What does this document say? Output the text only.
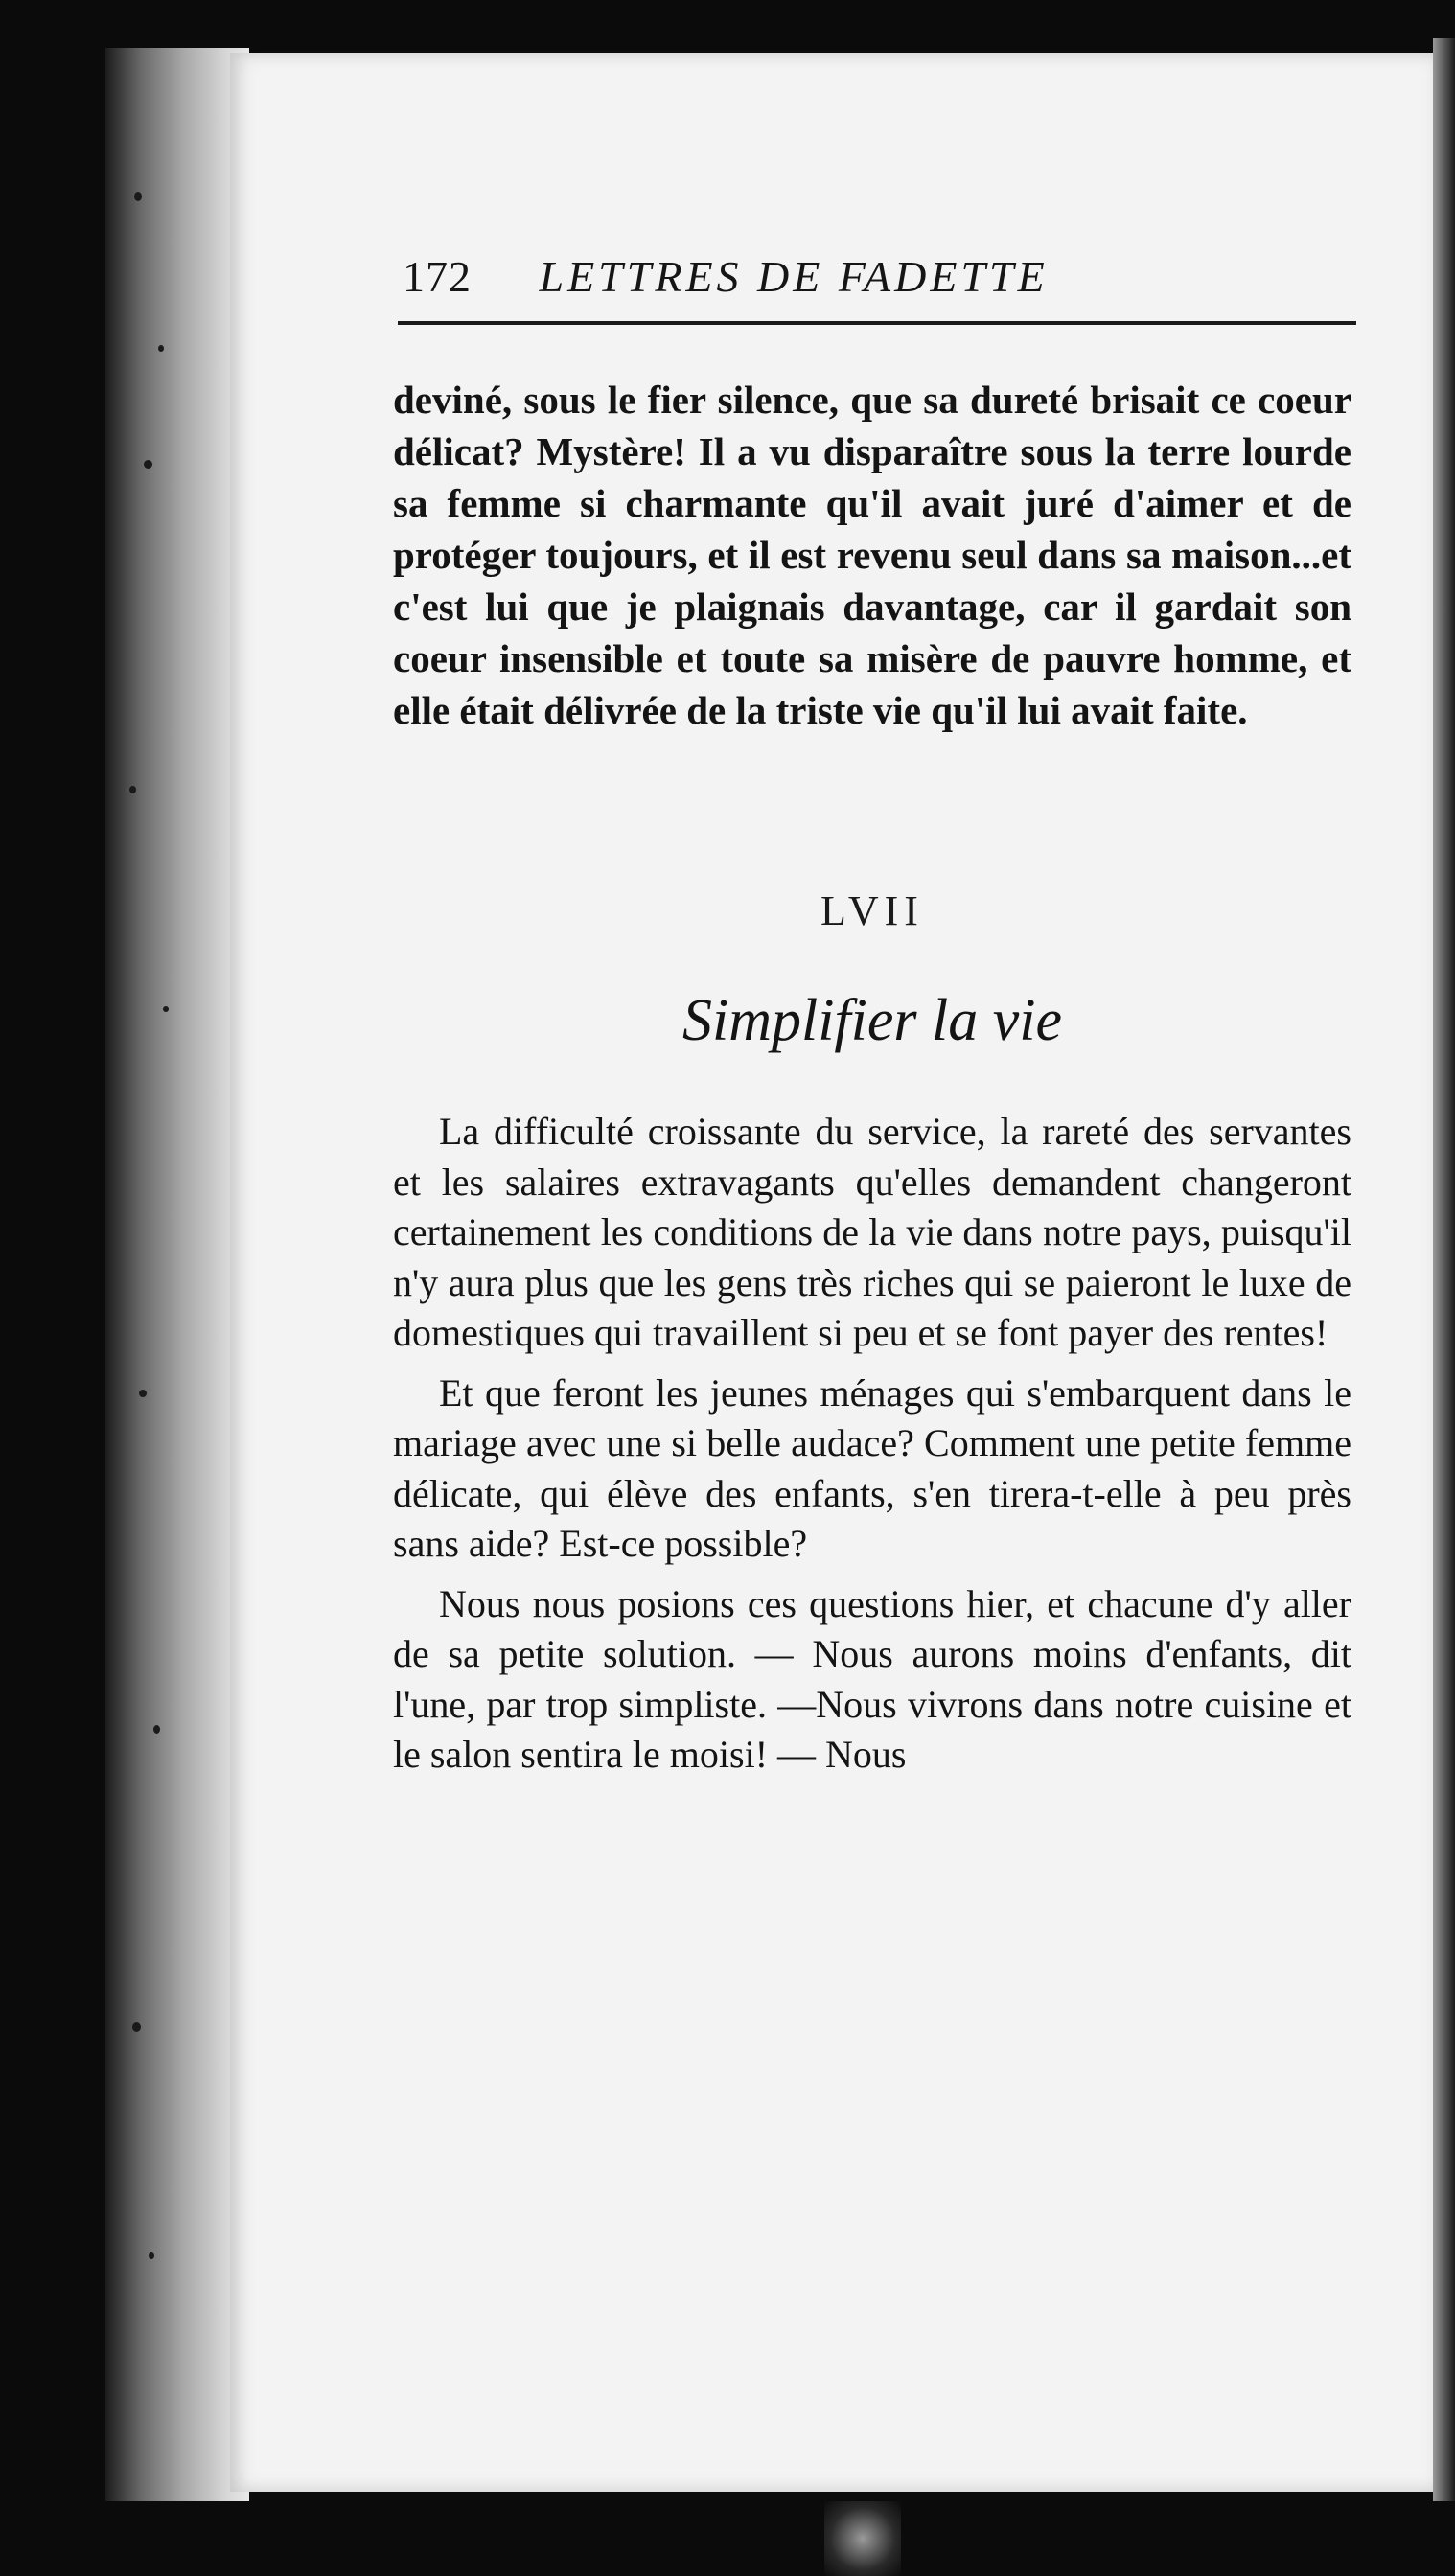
172 LETTRES DE FADETTE

deviné, sous le fier silence, que sa dureté brisait ce coeur délicat? Mystère! Il a vu disparaître sous la terre lourde sa femme si charmante qu'il avait juré d'aimer et de protéger toujours, et il est revenu seul dans sa maison...et c'est lui que je plaignais davantage, car il gardait son coeur insensible et toute sa misère de pauvre homme, et elle était délivrée de la triste vie qu'il lui avait faite.

LVII
Simplifier la vie

La difficulté croissante du service, la rareté des servantes et les salaires extravagants qu'elles demandent changeront certainement les conditions de la vie dans notre pays, puisqu'il n'y aura plus que les gens très riches qui se paieront le luxe de domestiques qui travaillent si peu et se font payer des rentes!

Et que feront les jeunes ménages qui s'embarquent dans le mariage avec une si belle audace? Comment une petite femme délicate, qui élève des enfants, s'en tirera-t-elle à peu près sans aide? Est-ce possible?

Nous nous posions ces questions hier, et chacune d'y aller de sa petite solution. — Nous aurons moins d'enfants, dit l'une, par trop simpliste. —Nous vivrons dans notre cuisine et le salon sentira le moisi! — Nous
